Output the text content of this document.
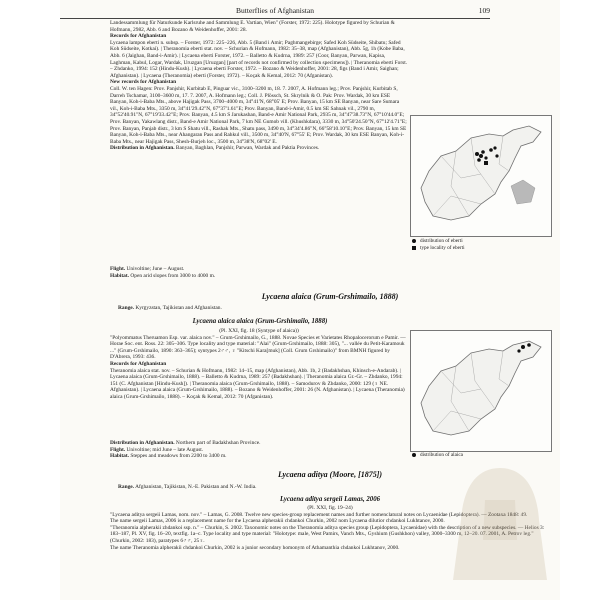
Butterflies of Afghanistan	109

Landessammlung für Naturkunde Karlsruhe and Sammlung E. Vartian, Wien" (Forster, 1972: 225). Holotype figured by Schurian & Hofmann, 2982, Abb. 6 and Bozano & Weidenhoffer, 2001: 28.

Records for Afghanistan

Lycaena lampon eberti n. subsp. – Forster, 1972: 225–226, Abb. 5 (Band i Amir; Paghmangebirge; Safed Koh Südseite, Shibatu; Safed Koh Südseite, Kotkai). | Theranomia eberti stat. nov. – Schurian & Hofmann, 1982: 35–38, map (Afghanistan), Abb. 5g, 1h (Kobe Baba, Abb. 6 (Jaighan, Band-i-Amir). | Lycaena eberti Forster, 1972. – Balletto & Kudrna, 1989: 257 (Coor, Banyan, Parwan, Kapisa, Laghman, Kabul, Logar, Wardak, Uruzgan [Uruzgan] [part of records not confirmed by collection specimens]). | Theranomia eberti Forst. – Zhdanko, 1994: 152 (Hindu-Kush). | Lycaena eberti Forster, 1972. – Bozano & Weidenhoffer, 2001: 28, figs (Band i Amir, Saighan; Afghanistan). | Lycaena (Theranomia) eberti (Forster, 1972). – Koçak & Kemal, 2012: 70 (Afganistan).

New records for Afghanistan

Coll. W. ten Hagen: Prov. Panjshir, Kurbitab E, Pinguar vic., 3100–3200 m, 18. 7. 2007, A. Hofmann leg.; Prov. Panjshir, Kurbitab S, Darreh Tschamar, 3100–3600 m, 17. 7. 2007, A. Hofmann leg.; Coll. J. Plössch, St. Skrylnik & O. Pak: Prov. Wardak, 30 km ESE Banyan, Koh-i-Baba Mts., above Hajigak Pass, 3700–4000 m, 34°41'N, 68°05' E; Prov. Banyan, 15 km SE Banyan, near Sare Sumara vil., Koh-i-Baba Mts., 3350 m, 34°41'29.42"N, 67°37'1.61"E; Prov. Banyan, Band-i-Amir, 0.5 km SE Sahnak vil., 2790 m, 34°52'40.91"N, 67°19'33.42"E; Prov. Banyan, 4.5 km S Jarukashan, Band-e Amir National Park, 2935 m, 34°47'38.73"N, 67°10'44.0"E; Prov. Banyan, Yakawlang distr., Band-e Amir National Park, 7 km NE Gumob vill. (Khushkdara), 3330 m, 34°50'24.50"N, 67°12'4.71"E; Prov. Banyan, Panjab distr., 3 km S Shatu vill., Rashak Mts., Shatu pass, 3490 m, 34°34'4.86"N, 66°58'10.10"E; Prov. Banyan, 15 km SE Banyan, Koh-i-Baba Mts., near Ahangaran Pass and Rahkul vill., 3500 m, 34°40'N, 67°55' E; Prov. Wardak, 30 km ESE Banyan, Koh-i-Baba Mts., near Hajigak Pass, Shesh-Burjeh loc., 3500 m, 34°38'N, 68°02' E.

Distribution in Afghanistan. Banyan, Baghlan, Panjshir, Parwan, Wardak and Paktia Provinces.

Flight. Univoltine; June – August.

Habitat. Open arid slopes from 3000 to 4000 m.

distribution of eberti
type locality of eberti
Lycaena alaica (Grum-Grshimailo, 1888)

Range. Kyrgyzstan, Tajikistan and Afghanistan.

Lycaena alaica alaica (Grum-Grshimailo, 1888)

(Pl. XXI, fig. 18 (Syntype of alaica))

"Polyommatus Theruamon Esp. var. alaica nov." – Grum-Grshimailo, G., 1888. Novae Species et Varietates Rhopalocerorum e Pamir. — Horae Soc. ent. Ross. 22: 305–306. Type locality and type material: "Alai" (Grum-Grshimailo, 1888: 305), "... vallée du Petit-Karamouk ..." (Grum-Grshimailo, 1890: 363–365); syntypes 2♂♂, ♀ "Kitschi Kara[muk] (Coll. Grum Grshimailo)" from BMNH figured by D'Abrera, 1993: 436.

Records for Afghanistan

Theranomia alaica stat. nov. – Schurian & Hofmann, 1982: 14–15, map (Afghanistan), Abb. 1b, 2 (Badakhshan, Khinsch-e-Andarab). | Lycaena alaica (Grum-Grshimailo, 1888). – Balletto & Kudrna, 1989: 257 (Badakhshan). | Theranomia alaica Gr.-Gr. – Zhdanko, 1994: 151 (C. Afghanistan [Hindu-Kush]). | Theranomia alaica (Grum-Grshimailo, 1888). – Samodurov & Zhdanko, 2000: 129 (♀ NE. Afghanistan). | Lycaena alaica (Grum-Grshimailo, 1888). – Bozano & Weidenhoffer, 2001: 26 (N. Afghanistan). | Lycaena (Theranomia) alaica (Grum-Grshimailo, 1888). – Koçak & Kemal, 2012: 70 (Afganistan).

Distribution in Afghanistan. Northern part of Badakhshan Province.

Flight. Univoltine; mid June – late August.

Habitat. Steppes and meadows from 2200 to 3400 m.	distribution of alaica
Lycaena aditya (Moore, [1875])

Range. Afghanistan, Tajikistan, N.-E. Pakistan and N.-W. India.

Lycaena aditya sergeii Lamas, 2006

(Pl. XXI, fig. 19–24)

"Lycaena aditya sergeii Lamas, nom. nov." – Lamas, G. 2008. Twelve new species-group replacement names and further nomenclatural notes on Lycaenidae (Lepidoptera). — Zootaxa 1848: 49.

The name sergeii Lamas, 2006 is a replacement name for the Lycaena alpherakii chdankoi Churkin, 2002 nom Lycaena dilutior chdankoi Lukhtanov, 2000.

"Theranomia alpherakii zhdankoi ssp. n." – Churkin, S. 2002. Taxonomic notes on the Theranomia aditya species group (Lepidoptera, Lycaenidae) with the description of a new subspecies. — Helios 3: 183–187, Pl. XV, fig. 16–20, textfig. 1a–c. Type locality and type material: "Holotype: male, West Pamirs, Vanch Mts., Gyshium (Gushkhon) valley, 3000–3300 m, 12–20. 07. 2001, A. Petrov leg." (Churkin, 2002: 183), paratypes 6♂♂, 25♀.

The name Theranomia alpherakii chdankoi Churkin, 2002 is a junior secondary homonym of Athamanthia chdankoi Lukhtanov, 2000.
